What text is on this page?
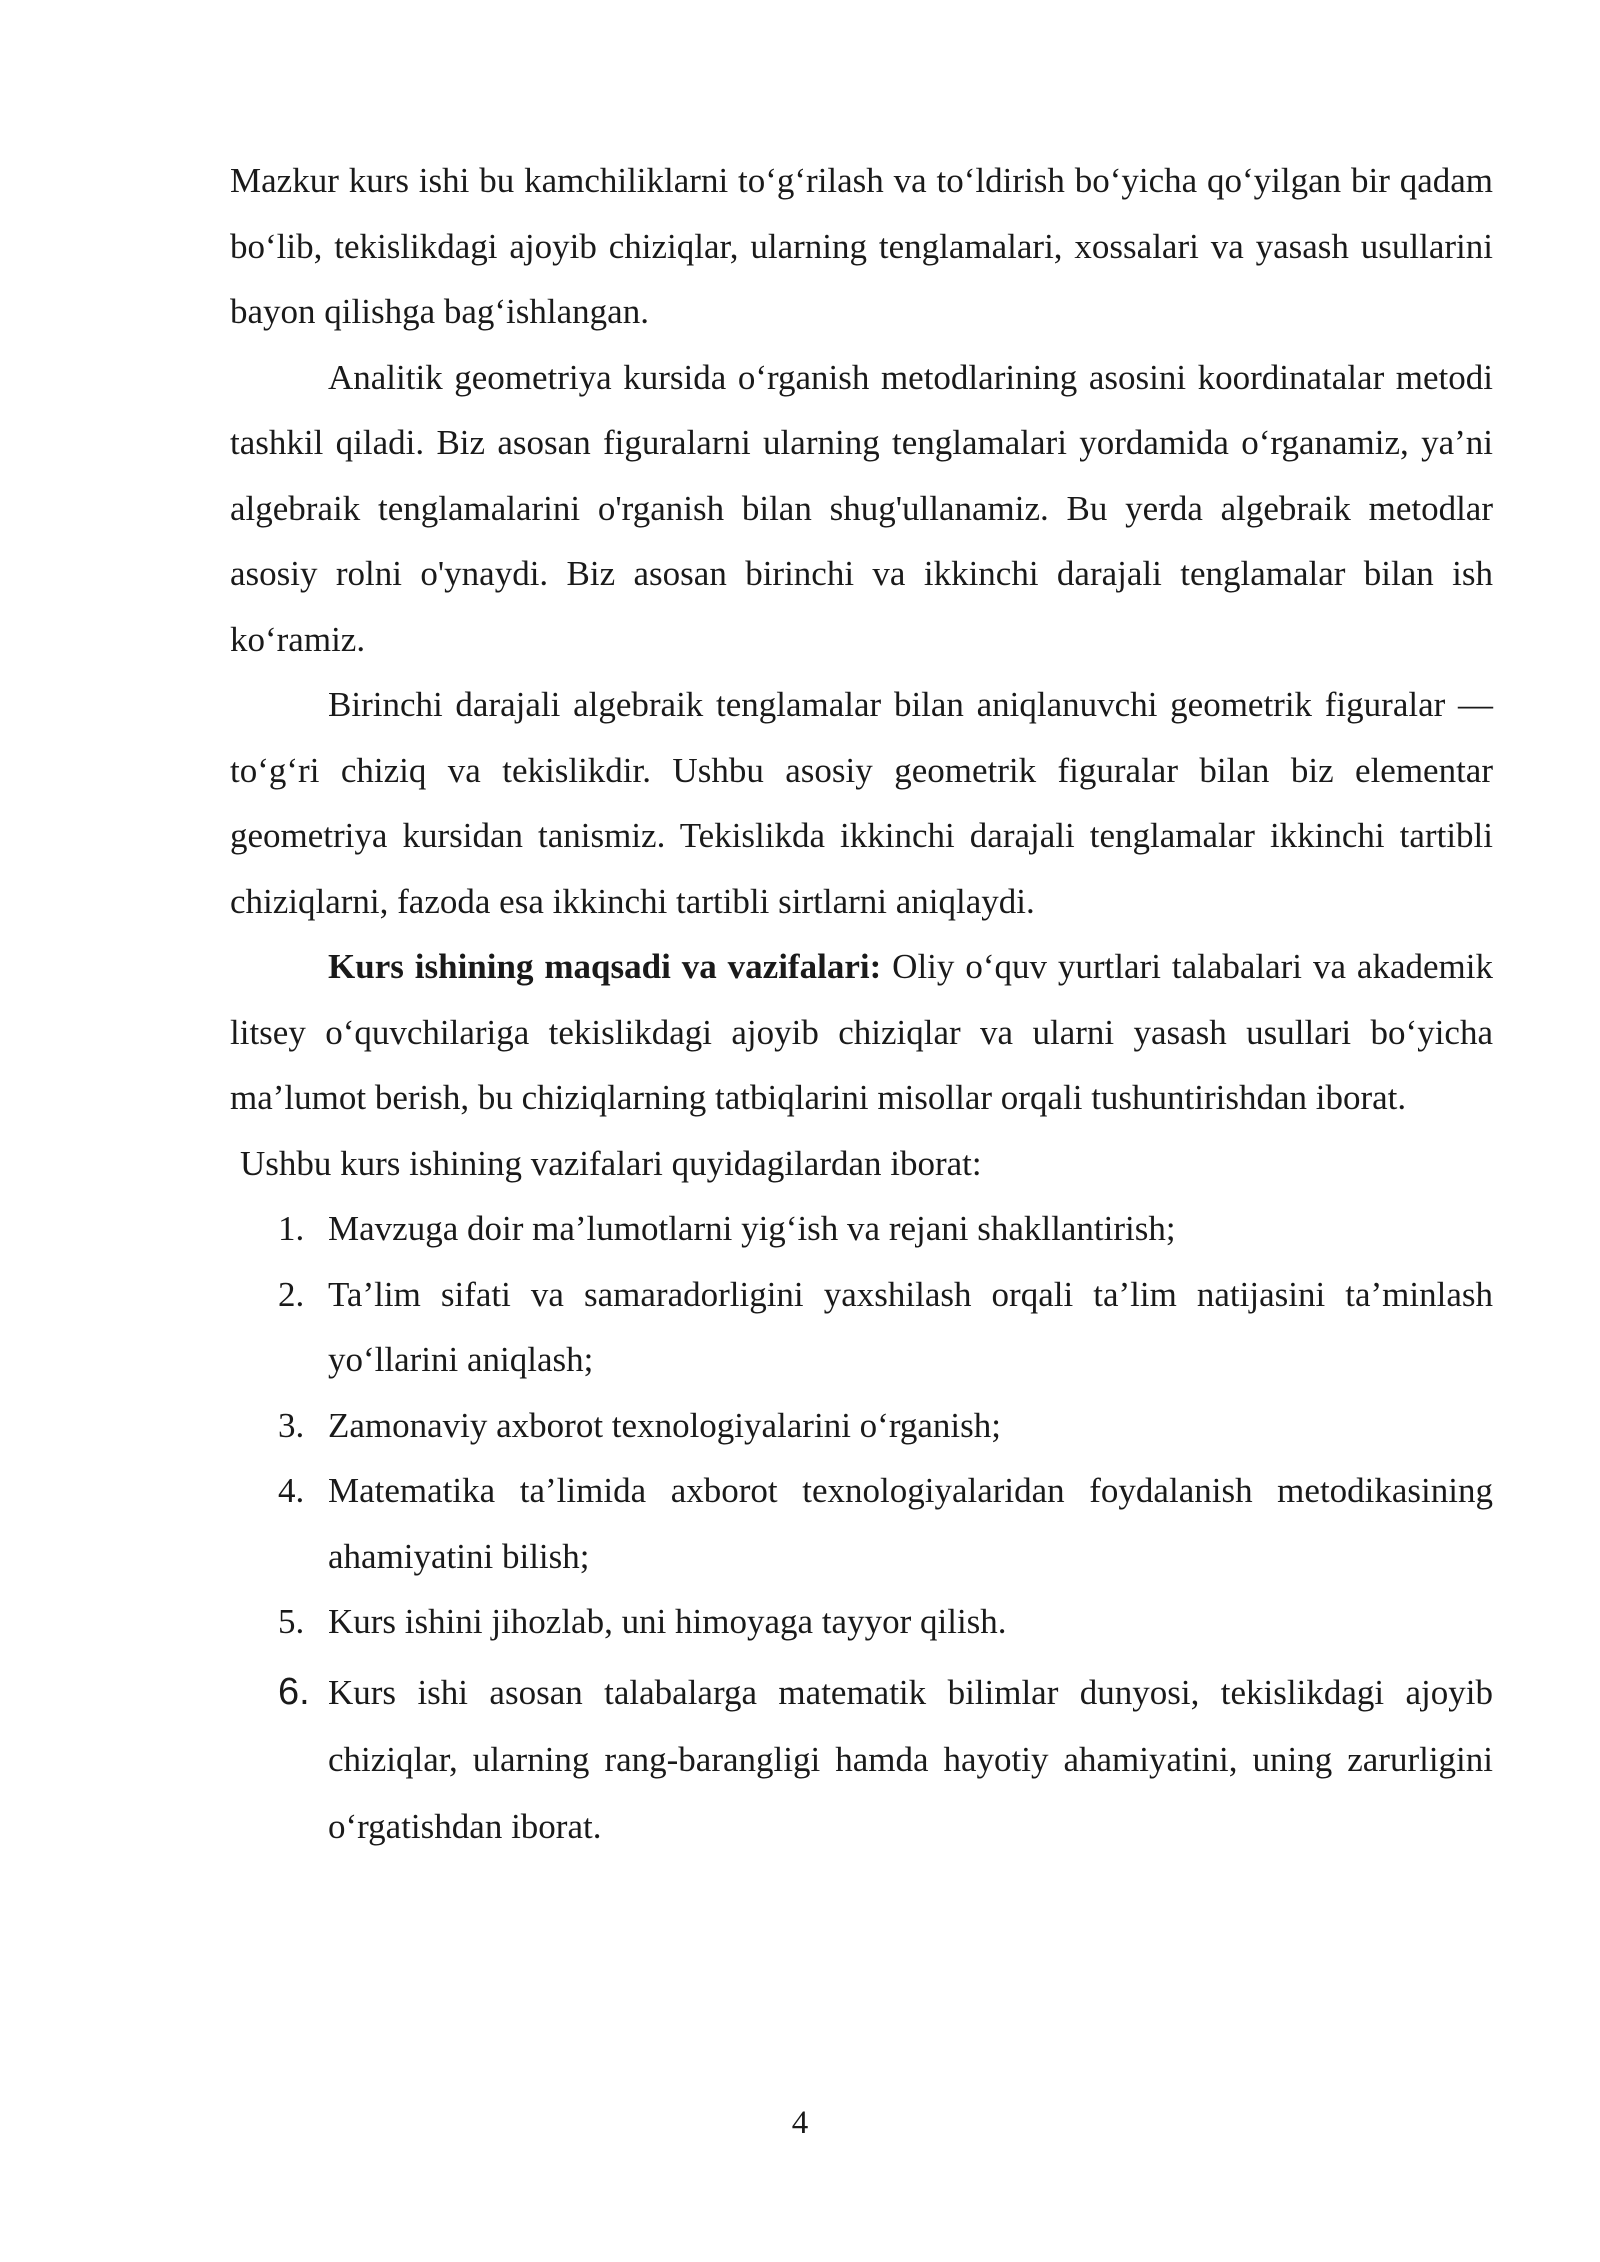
Mazkur kurs ishi bu kamchiliklarni to‘g‘rilash va to‘ldirish bo‘yicha qo‘yilgan bir qadam bo‘lib, tekislikdagi ajoyib chiziqlar, ularning tenglamalari, xossalari va yasash usullarini bayon qilishga bag‘ishlangan.

Analitik geometriya kursida o‘rganish metodlarining asosini koordinatalar metodi tashkil qiladi. Biz asosan figuralarni ularning tenglamalari yordamida o‘rganamiz, ya’ni algebraik tenglamalarini o'rganish bilan shug'ullanamiz. Bu yerda algebraik metodlar asosiy rolni o'ynaydi. Biz asosan birinchi va ikkinchi darajali tenglamalar bilan ish ko‘ramiz.

Birinchi darajali algebraik tenglamalar bilan aniqlanuvchi geometrik figuralar —to‘g‘ri chiziq va tekislikdir. Ushbu asosiy geometrik figuralar bilan biz elementar geometriya kursidan tanismiz. Tekislikda ikkinchi darajali tenglamalar ikkinchi tartibli chiziqlarni, fazoda esa ikkinchi tartibli sirtlarni aniqlaydi.

Kurs ishining maqsadi va vazifalari: Oliy o‘quv yurtlari talabalari va akademik litsey o‘quvchilariga tekislikdagi ajoyib chiziqlar va ularni yasash usullari bo‘yicha ma’lumot berish, bu chiziqlarning tatbiqlarini misollar orqali tushuntirishdan iborat.

Ushbu kurs ishining vazifalari quyidagilardan iborat:

1. Mavzuga doir ma’lumotlarni yig‘ish va rejani shakllantirish;
2. Ta’lim sifati va samaradorligini yaxshilash orqali ta’lim natijasini ta’minlash yo‘llarini aniqlash;
3. Zamonaviy axborot texnologiyalarini o‘rganish;
4. Matematika ta’limida axborot texnologiyalaridan foydalanish metodikasining ahamiyatini bilish;
5. Kurs ishini jihozlab, uni himoyaga tayyor qilish.
6. Kurs ishi asosan talabalarga matematik bilimlar dunyosi, tekislikdagi ajoyib chiziqlar, ularning rang-barangligi hamda hayotiy ahamiyatini, uning zarurligini o‘rgatishdan iborat.
4
